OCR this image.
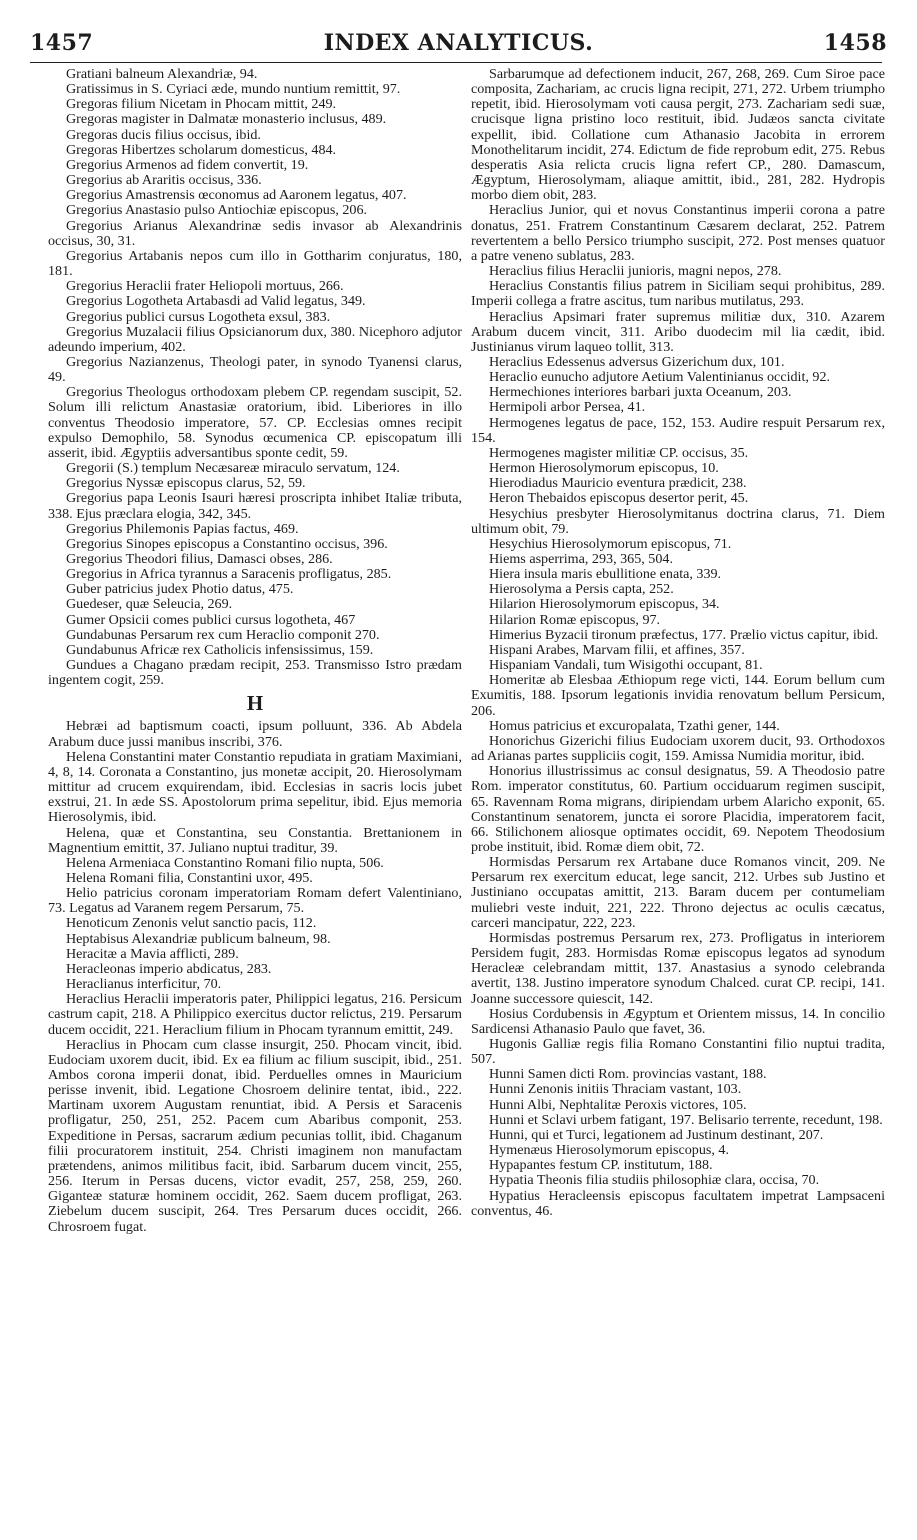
1457	INDEX ANALYTICUS.	1458

Gratiani balneum Alexandriæ, 94.

Gratissimus in S. Cyriaci æde, mundo nuntium remittit, 97.

Gregoras filium Nicetam in Phocam mittit, 249.

Gregoras magister in Dalmatæ monasterio inclusus, 489.

Gregoras ducis filius occisus, ibid.

Gregoras Hibertzes scholarum domesticus, 484.

Gregorius Armenos ad fidem convertit, 19.

Gregorius ab Araritis occisus, 336.

Gregorius Amastrensis œconomus ad Aaronem legatus, 407.

Gregorius Anastasio pulso Antiochiæ episcopus, 206.

Gregorius Arianus Alexandrinæ sedis invasor ab Alexandrinis occisus, 30, 31.

Gregorius Artabanis nepos cum illo in Gottharim conjuratus, 180, 181.

Gregorius Heraclii frater Heliopoli mortuus, 266.

Gregorius Logotheta Artabasdi ad Valid legatus, 349.

Gregorius publici cursus Logotheta exsul, 383.

Gregorius Muzalacii filius Opsicianorum dux, 380. Nicephoro adjutor adeundo imperium, 402.

Gregorius Nazianzenus, Theologi pater, in synodo Tyanensi clarus, 49.

Gregorius Theologus orthodoxam plebem CP. regendam suscipit, 52. Solum illi relictum Anastasiæ oratorium, ibid. Liberiores in illo conventus Theodosio imperatore, 57. CP. Ecclesias omnes recipit expulso Demophilo, 58. Synodus œcumenica CP. episcopatum illi asserit, ibid. Ægyptiis adversantibus sponte cedit, 59.

Gregorii (S.) templum Necæsareæ miraculo servatum, 124.

Gregorius Nyssæ episcopus clarus, 52, 59.

Gregorius papa Leonis Isauri hæresi proscripta inhibet Italiæ tributa, 338. Ejus præclara elogia, 342, 345.

Gregorius Philemonis Papias factus, 469.

Gregorius Sinopes episcopus a Constantino occisus, 396.

Gregorius Theodori filius, Damasci obses, 286.

Gregorius in Africa tyrannus a Saracenis profligatus, 285.

Guber patricius judex Photio datus, 475.

Guedeser, quæ Seleucia, 269.

Gumer Opsicii comes publici cursus logotheta, 467

Gundabunas Persarum rex cum Heraclio componit 270.

Gundabunus Africæ rex Catholicis infensissimus, 159.

Gundues a Chagano prædam recipit, 253. Transmisso Istro prædam ingentem cogit, 259.

H

Hebræi ad baptismum coacti, ipsum polluunt, 336. Ab Abdela Arabum duce jussi manibus inscribi, 376.

Helena Constantini mater Constantio repudiata in gratiam Maximiani, 4, 8, 14. Coronata a Constantino, jus monetæ accipit, 20. Hierosolymam mittitur ad crucem exquirendam, ibid. Ecclesias in sacris locis jubet exstrui, 21. In æde SS. Apostolorum prima sepelitur, ibid. Ejus memoria Hierosolymis, ibid.

Helena, quæ et Constantina, seu Constantia. Brettanionem in Magnentium emittit, 37. Juliano nuptui traditur, 39.

Helena Armeniaca Constantino Romani filio nupta, 506.

Helena Romani filia, Constantini uxor, 495.

Helio patricius coronam imperatoriam Romam defert Valentiniano, 73. Legatus ad Varanem regem Persarum, 75.

Henoticum Zenonis velut sanctio pacis, 112.

Heptabisus Alexandriæ publicum balneum, 98.

Heracitæ a Mavia afflicti, 289.

Heracleonas imperio abdicatus, 283.

Heraclianus interficitur, 70.

Heraclius Heraclii imperatoris pater, Philippici legatus, 216. Persicum castrum capit, 218. A Philippico exercitus ductor relictus, 219. Persarum ducem occidit, 221. Heraclium filium in Phocam tyrannum emittit, 249.

Heraclius in Phocam cum classe insurgit, 250. Phocam vincit, ibid. Eudociam uxorem ducit, ibid. Ex ea filium ac filium suscipit, ibid., 251. Ambos corona imperii donat, ibid. Perduelles omnes in Mauricium perisse invenit, ibid. Legatione Chosroem delinire tentat, ibid., 222. Martinam uxorem Augustam renuntiat, ibid. A Persis et Saracenis profligatur, 250, 251, 252. Pacem cum Abaribus componit, 253. Expeditione in Persas, sacrarum ædium pecunias tollit, ibid. Chaganum filii procuratorem instituit, 254. Christi imaginem non manufactam prætendens, animos militibus facit, ibid. Sarbarum ducem vincit, 255, 256. Iterum in Persas ducens, victor evadit, 257, 258, 259, 260. Giganteæ staturæ hominem occidit, 262. Saem ducem profligat, 263. Ziebelum ducem suscipit, 264. Tres Persarum duces occidit, 266. Chrosroem fugat.

Sarbarumque ad defectionem inducit, 267, 268, 269. Cum Siroe pace composita, Zachariam, ac crucis ligna recipit, 271, 272. Urbem triumpho repetit, ibid. Hierosolymam voti causa pergit, 273. Zachariam sedi suæ, crucisque ligna pristino loco restituit, ibid. Judæos sancta civitate expellit, ibid. Collatione cum Athanasio Jacobita in errorem Monothelitarum incidit, 274. Edictum de fide reprobum edit, 275. Rebus desperatis Asia relicta crucis ligna refert CP., 280. Damascum, Ægyptum, Hierosolymam, aliaque amittit, ibid., 281, 282. Hydropis morbo diem obit, 283.

Heraclius Junior, qui et novus Constantinus imperii corona a patre donatus, 251. Fratrem Constantinum Cæsarem declarat, 252. Patrem revertentem a bello Persico triumpho suscipit, 272. Post menses quatuor a patre veneno sublatus, 283.

Heraclius filius Heraclii junioris, magni nepos, 278.

Heraclius Constantis filius patrem in Siciliam sequi prohibitus, 289. Imperii collega a fratre ascitus, tum naribus mutilatus, 293.

Heraclius Apsimari frater supremus militiæ dux, 310. Azarem Arabum ducem vincit, 311. Aribo duodecim mil lia cædit, ibid. Justinianus virum laqueo tollit, 313.

Heraclius Edessenus adversus Gizerichum dux, 101.

Heraclio eunucho adjutore Aetium Valentinianus occidit, 92.

Hermechiones interiores barbari juxta Oceanum, 203.

Hermipoli arbor Persea, 41.

Hermogenes legatus de pace, 152, 153. Audire respuit Persarum rex, 154.

Hermogenes magister militiæ CP. occisus, 35.

Hermon Hierosolymorum episcopus, 10.

Hierodiadus Mauricio eventura prædicit, 238.

Heron Thebaidos episcopus desertor perit, 45.

Hesychius presbyter Hierosolymitanus doctrina clarus, 71. Diem ultimum obit, 79.

Hesychius Hierosolymorum episcopus, 71.

Hiems asperrima, 293, 365, 504.

Hiera insula maris ebullitione enata, 339.

Hierosolyma a Persis capta, 252.

Hilarion Hierosolymorum episcopus, 34.

Hilarion Romæ episcopus, 97.

Himerius Byzacii tironum præfectus, 177. Prælio victus capitur, ibid.

Hispani Arabes, Marvam filii, et affines, 357.

Hispaniam Vandali, tum Wisigothi occupant, 81.

Homeritæ ab Elesbaa Æthiopum rege victi, 144. Eorum bellum cum Exumitis, 188. Ipsorum legationis invidia renovatum bellum Persicum, 206.

Homus patricius et excuropalata, Tzathi gener, 144.

Honorichus Gizerichi filius Eudociam uxorem ducit, 93. Orthodoxos ad Arianas partes suppliciis cogit, 159. Amissa Numidia moritur, ibid.

Honorius illustrissimus ac consul designatus, 59. A Theodosio patre Rom. imperator constitutus, 60. Partium occiduarum regimen suscipit, 65. Ravennam Roma migrans, diripiendam urbem Alaricho exponit, 65. Constantinum senatorem, juncta ei sorore Placidia, imperatorem facit, 66. Stilichonem aliosque optimates occidit, 69. Nepotem Theodosium probe instituit, ibid. Romæ diem obit, 72.

Hormisdas Persarum rex Artabane duce Romanos vincit, 209. Ne Persarum rex exercitum educat, lege sancit, 212. Urbes sub Justino et Justiniano occupatas amittit, 213. Baram ducem per contumeliam muliebri veste induit, 221, 222. Throno dejectus ac oculis cæcatus, carceri mancipatur, 222, 223.

Hormisdas postremus Persarum rex, 273. Profligatus in interiorem Persidem fugit, 283. Hormisdas Romæ episcopus legatos ad synodum Heracleæ celebrandam mittit, 137. Anastasius a synodo celebranda avertit, 138. Justino imperatore synodum Chalced. curat CP. recipi, 141. Joanne successore quiescit, 142.

Hosius Cordubensis in Ægyptum et Orientem missus, 14. In concilio Sardicensi Athanasio Paulo que favet, 36.

Hugonis Galliæ regis filia Romano Constantini filio nuptui tradita, 507.

Hunni Samen dicti Rom. provincias vastant, 188.

Hunni Zenonis initiis Thraciam vastant, 103.

Hunni Albi, Nephtalitæ Peroxis victores, 105.

Hunni et Sclavi urbem fatigant, 197. Belisario terrente, recedunt, 198.

Hunni, qui et Turci, legationem ad Justinum destinant, 207.

Hymenæus Hierosolymorum episcopus, 4.

Hypapantes festum CP. institutum, 188.

Hypatia Theonis filia studiis philosophiæ clara, occisa, 70.

Hypatius Heracleensis episcopus facultatem impetrat Lampsaceni conventus, 46.
